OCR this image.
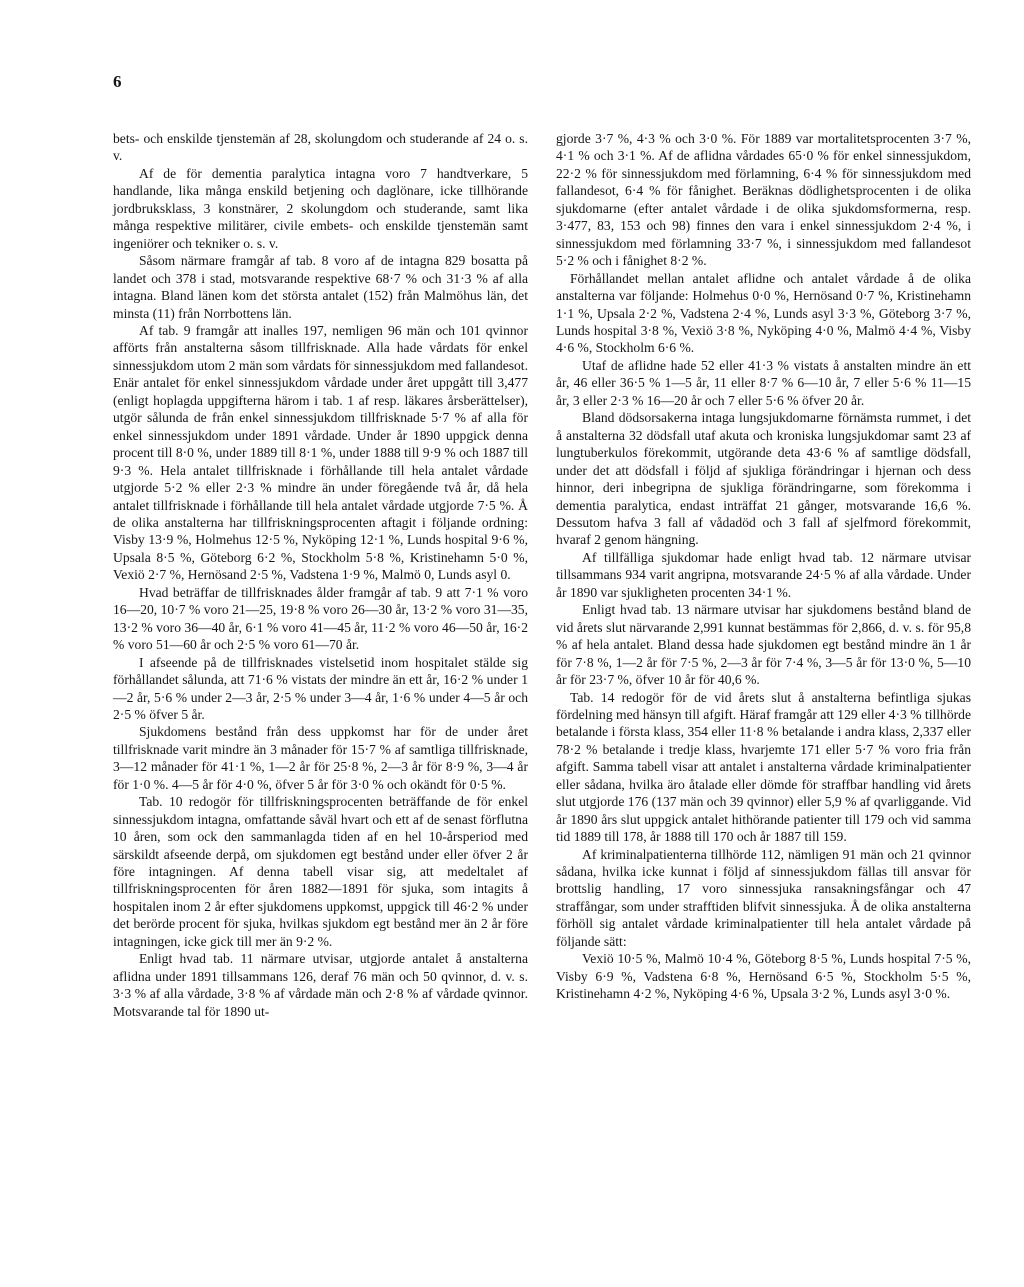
6

bets- och enskilde tjenstemän af 28, skolungdom och studerande af 24 o. s. v.

Af de för dementia paralytica intagna voro 7 handtverkare, 5 handlande, lika många enskild betjening och daglönare, icke tillhörande jordbruksklass, 3 konstnärer, 2 skolungdom och studerande, samt lika många respektive militärer, civile embets- och enskilde tjenstemän samt ingeniörer och tekniker o. s. v.

Såsom närmare framgår af tab. 8 voro af de intagna 829 bosatta på landet och 378 i stad, motsvarande respektive 68·7 % och 31·3 % af alla intagna. Bland länen kom det största antalet (152) från Malmöhus län, det minsta (11) från Norrbottens län.

Af tab. 9 framgår att inalles 197, nemligen 96 män och 101 qvinnor afförts från anstalterna såsom tillfrisknade. Alla hade vårdats för enkel sinnessjukdom utom 2 män som vårdats för sinnessjukdom med fallandesot. Enär antalet för enkel sinnessjukdom vårdade under året uppgått till 3,477 (enligt hoplagda uppgifterna härom i tab. 1 af resp. läkares årsberättelser), utgör sålunda de från enkel sinnessjukdom tillfrisknade 5·7 % af alla för enkel sinnessjukdom under 1891 vårdade. Under år 1890 uppgick denna procent till 8·0 %, under 1889 till 8·1 %, under 1888 till 9·9 % och 1887 till 9·3 %. Hela antalet tillfrisknade i förhållande till hela antalet vårdade utgjorde 5·2 % eller 2·3 % mindre än under föregående två år, då hela antalet tillfrisknade i förhållande till hela antalet vårdade utgjorde 7·5 %. Å de olika anstalterna har tillfriskningsprocenten aftagit i följande ordning: Visby 13·9 %, Holmehus 12·5 %, Nyköping 12·1 %, Lunds hospital 9·6 %, Upsala 8·5 %, Göteborg 6·2 %, Stockholm 5·8 %, Kristinehamn 5·0 %, Vexiö 2·7 %, Hernösand 2·5 %, Vadstena 1·9 %, Malmö 0, Lunds asyl 0.

Hvad beträffar de tillfrisknades ålder framgår af tab. 9 att 7·1 % voro 16—20, 10·7 % voro 21—25, 19·8 % voro 26—30 år, 13·2 % voro 31—35, 13·2 % voro 36—40 år, 6·1 % voro 41—45 år, 11·2 % voro 46—50 år, 16·2 % voro 51—60 år och 2·5 % voro 61—70 år.

I afseende på de tillfrisknades vistelsetid inom hospitalet stälde sig förhållandet sålunda, att 71·6 % vistats der mindre än ett år, 16·2 % under 1—2 år, 5·6 % under 2—3 år, 2·5 % under 3—4 år, 1·6 % under 4—5 år och 2·5 % öfver 5 år.

Sjukdomens bestånd från dess uppkomst har för de under året tillfrisknade varit mindre än 3 månader för 15·7 % af samtliga tillfrisknade, 3—12 månader för 41·1 %, 1—2 år för 25·8 %, 2—3 år för 8·9 %, 3—4 år för 1·0 %. 4—5 år för 4·0 %, öfver 5 år för 3·0 % och okändt för 0·5 %.

Tab. 10 redogör för tillfriskningsprocenten beträffande de för enkel sinnessjukdom intagna, omfattande såväl hvart och ett af de senast förflutna 10 åren, som ock den sammanlagda tiden af en hel 10-årsperiod med särskildt afseende derpå, om sjukdomen egt bestånd under eller öfver 2 år före intagningen. Af denna tabell visar sig, att medeltalet af tillfriskningsprocenten för åren 1882—1891 för sjuka, som intagits å hospitalen inom 2 år efter sjukdomens uppkomst, uppgick till 46·2 % under det berörde procent för sjuka, hvilkas sjukdom egt bestånd mer än 2 år före intagningen, icke gick till mer än 9·2 %.

Enligt hvad tab. 11 närmare utvisar, utgjorde antalet å anstalterna aflidna under 1891 tillsammans 126, deraf 76 män och 50 qvinnor, d. v. s. 3·3 % af alla vårdade, 3·8 % af vårdade män och 2·8 % af vårdade qvinnor. Motsvarande tal för 1890 ut-

gjorde 3·7 %, 4·3 % och 3·0 %. För 1889 var mortalitetsprocenten 3·7 %, 4·1 % och 3·1 %. Af de aflidna vårdades 65·0 % för enkel sinnessjukdom, 22·2 % för sinnessjukdom med förlamning, 6·4 % för sinnessjukdom med fallandesot, 6·4 % för fånighet. Beräknas dödlighetsprocenten i de olika sjukdomarne (efter antalet vårdade i de olika sjukdomsformerna, resp. 3·477, 83, 153 och 98) finnes den vara i enkel sinnessjukdom 2·4 %, i sinnessjukdom med förlamning 33·7 %, i sinnessjukdom med fallandesot 5·2 % och i fånighet 8·2 %.

Förhållandet mellan antalet aflidne och antalet vårdade å de olika anstalterna var följande: Holmehus 0·0 %, Hernösand 0·7 %, Kristinehamn 1·1 %, Upsala 2·2 %, Vadstena 2·4 %, Lunds asyl 3·3 %, Göteborg 3·7 %, Lunds hospital 3·8 %, Vexiö 3·8 %, Nyköping 4·0 %, Malmö 4·4 %, Visby 4·6 %, Stockholm 6·6 %.

Utaf de aflidne hade 52 eller 41·3 % vistats å anstalten mindre än ett år, 46 eller 36·5 % 1—5 år, 11 eller 8·7 % 6—10 år, 7 eller 5·6 % 11—15 år, 3 eller 2·3 % 16—20 år och 7 eller 5·6 % öfver 20 år.

Bland dödsorsakerna intaga lungsjukdomarne förnämsta rummet, i det å anstalterna 32 dödsfall utaf akuta och kroniska lungsjukdomar samt 23 af lungtuberkulos förekommit, utgörande deta 43·6 % af samtlige dödsfall, under det att dödsfall i följd af sjukliga förändringar i hjernan och dess hinnor, deri inbegripna de sjukliga förändringarne, som förekomma i dementia paralytica, endast inträffat 21 gånger, motsvarande 16,6 %. Dessutom hafva 3 fall af vådadöd och 3 fall af sjelfmord förekommit, hvaraf 2 genom hängning.

Af tillfälliga sjukdomar hade enligt hvad tab. 12 närmare utvisar tillsammans 934 varit angripna, motsvarande 24·5 % af alla vårdade. Under år 1890 var sjukligheten procenten 34·1 %.

Enligt hvad tab. 13 närmare utvisar har sjukdomens bestånd bland de vid årets slut närvarande 2,991 kunnat bestämmas för 2,866, d. v. s. för 95,8 % af hela antalet. Bland dessa hade sjukdomen egt bestånd mindre än 1 år för 7·8 %, 1—2 år för 7·5 %, 2—3 år för 7·4 %, 3—5 år för 13·0 %, 5—10 år för 23·7 %, öfver 10 år för 40,6 %.

Tab. 14 redogör för de vid årets slut å anstalterna befintliga sjukas fördelning med hänsyn till afgift. Häraf framgår att 129 eller 4·3 % tillhörde betalande i första klass, 354 eller 11·8 % betalande i andra klass, 2,337 eller 78·2 % betalande i tredje klass, hvarjemte 171 eller 5·7 % voro fria från afgift. Samma tabell visar att antalet i anstalterna vårdade kriminalpatienter eller sådana, hvilka äro åtalade eller dömde för straffbar handling vid årets slut utgjorde 176 (137 män och 39 qvinnor) eller 5,9 % af qvarliggande. Vid år 1890 års slut uppgick antalet hithörande patienter till 179 och vid samma tid 1889 till 178, år 1888 till 170 och år 1887 till 159.

Af kriminalpatienterna tillhörde 112, nämligen 91 män och 21 qvinnor sådana, hvilka icke kunnat i följd af sinnessjukdom fällas till ansvar för brottslig handling, 17 voro sinnessjuka ransakningsfångar och 47 straffångar, som under strafftiden blifvit sinnessjuka. Å de olika anstalterna förhöll sig antalet vårdade kriminalpatienter till hela antalet vårdade på följande sätt:

Vexiö 10·5 %, Malmö 10·4 %, Göteborg 8·5 %, Lunds hospital 7·5 %, Visby 6·9 %, Vadstena 6·8 %, Hernösand 6·5 %, Stockholm 5·5 %, Kristinehamn 4·2 %, Nyköping 4·6 %, Upsala 3·2 %, Lunds asyl 3·0 %.
